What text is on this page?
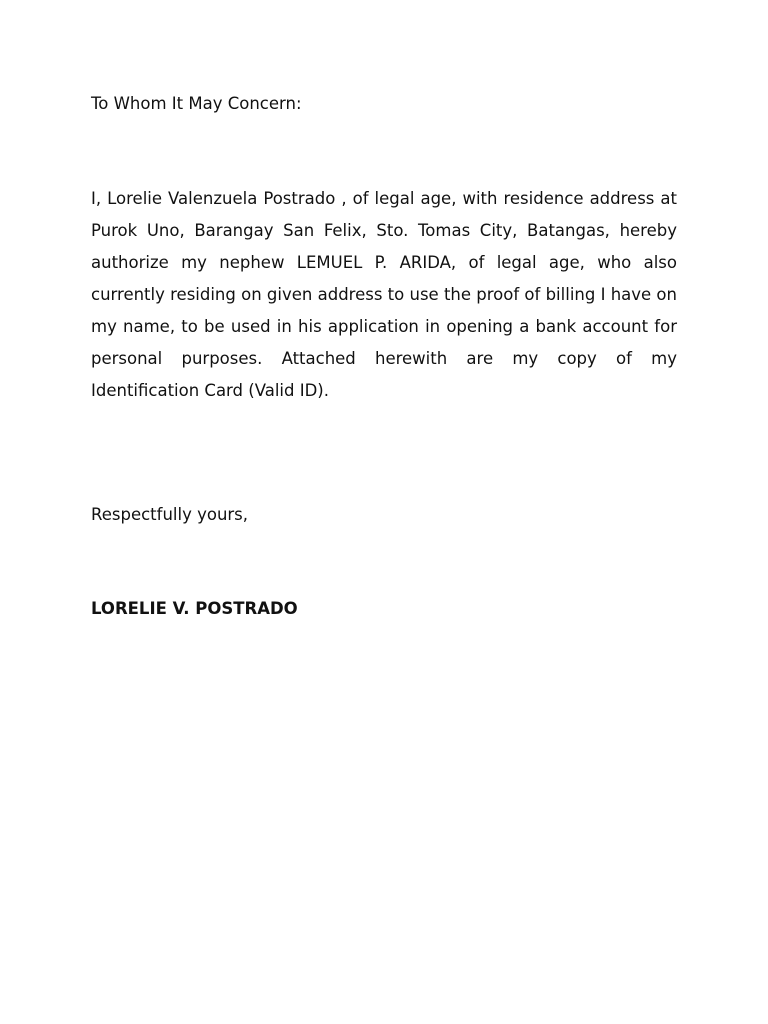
To Whom It May Concern:

I, Lorelie Valenzuela Postrado , of legal age, with residence address at Purok Uno, Barangay San Felix, Sto. Tomas City, Batangas, hereby authorize my nephew LEMUEL P. ARIDA, of legal age, who also currently residing on given address to use the proof of billing I have on my name, to be used in his application in opening a bank account for personal purposes. Attached herewith are my copy of my Identification Card (Valid ID).

Respectfully yours,

LORELIE V. POSTRADO
